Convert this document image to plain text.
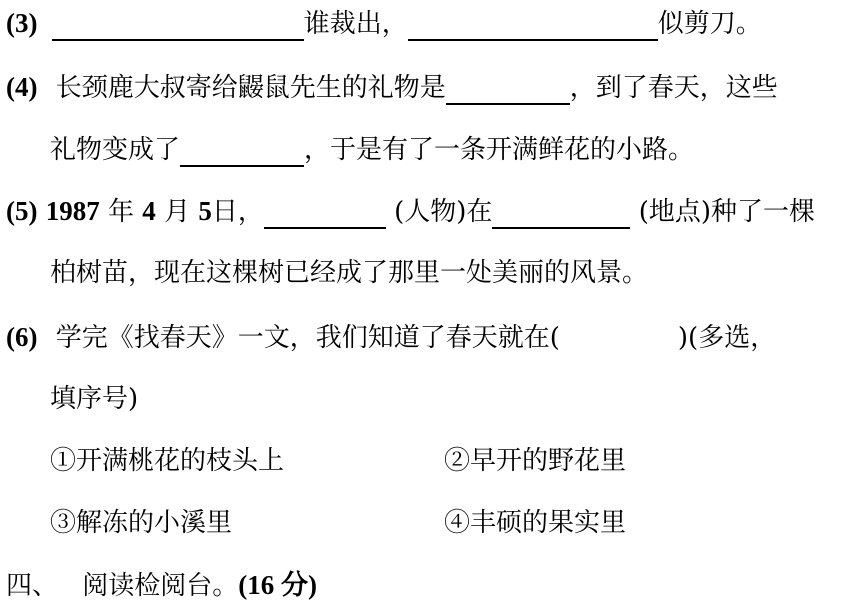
(3)	谁裁出，	似剪刀。
(4) 长颈鹿大叔寄给鼹鼠先生的礼物是	，到了春天，这些
礼物变成了	，于是有了一条开满鲜花的小路。
(5) 1987 年 4 月 5日，	(人物)在	(地点)种了一棵
柏树苗，现在这棵树已经成了那里一处美丽的风景。
(6) 学完《找春天》一文，我们知道了春天就在(	)(多选，
填序号)
①开满桃花的枝头上	②早开的野花里
③解冻的小溪里	④丰硕的果实里
四、 阅读检阅台。(16 分)
